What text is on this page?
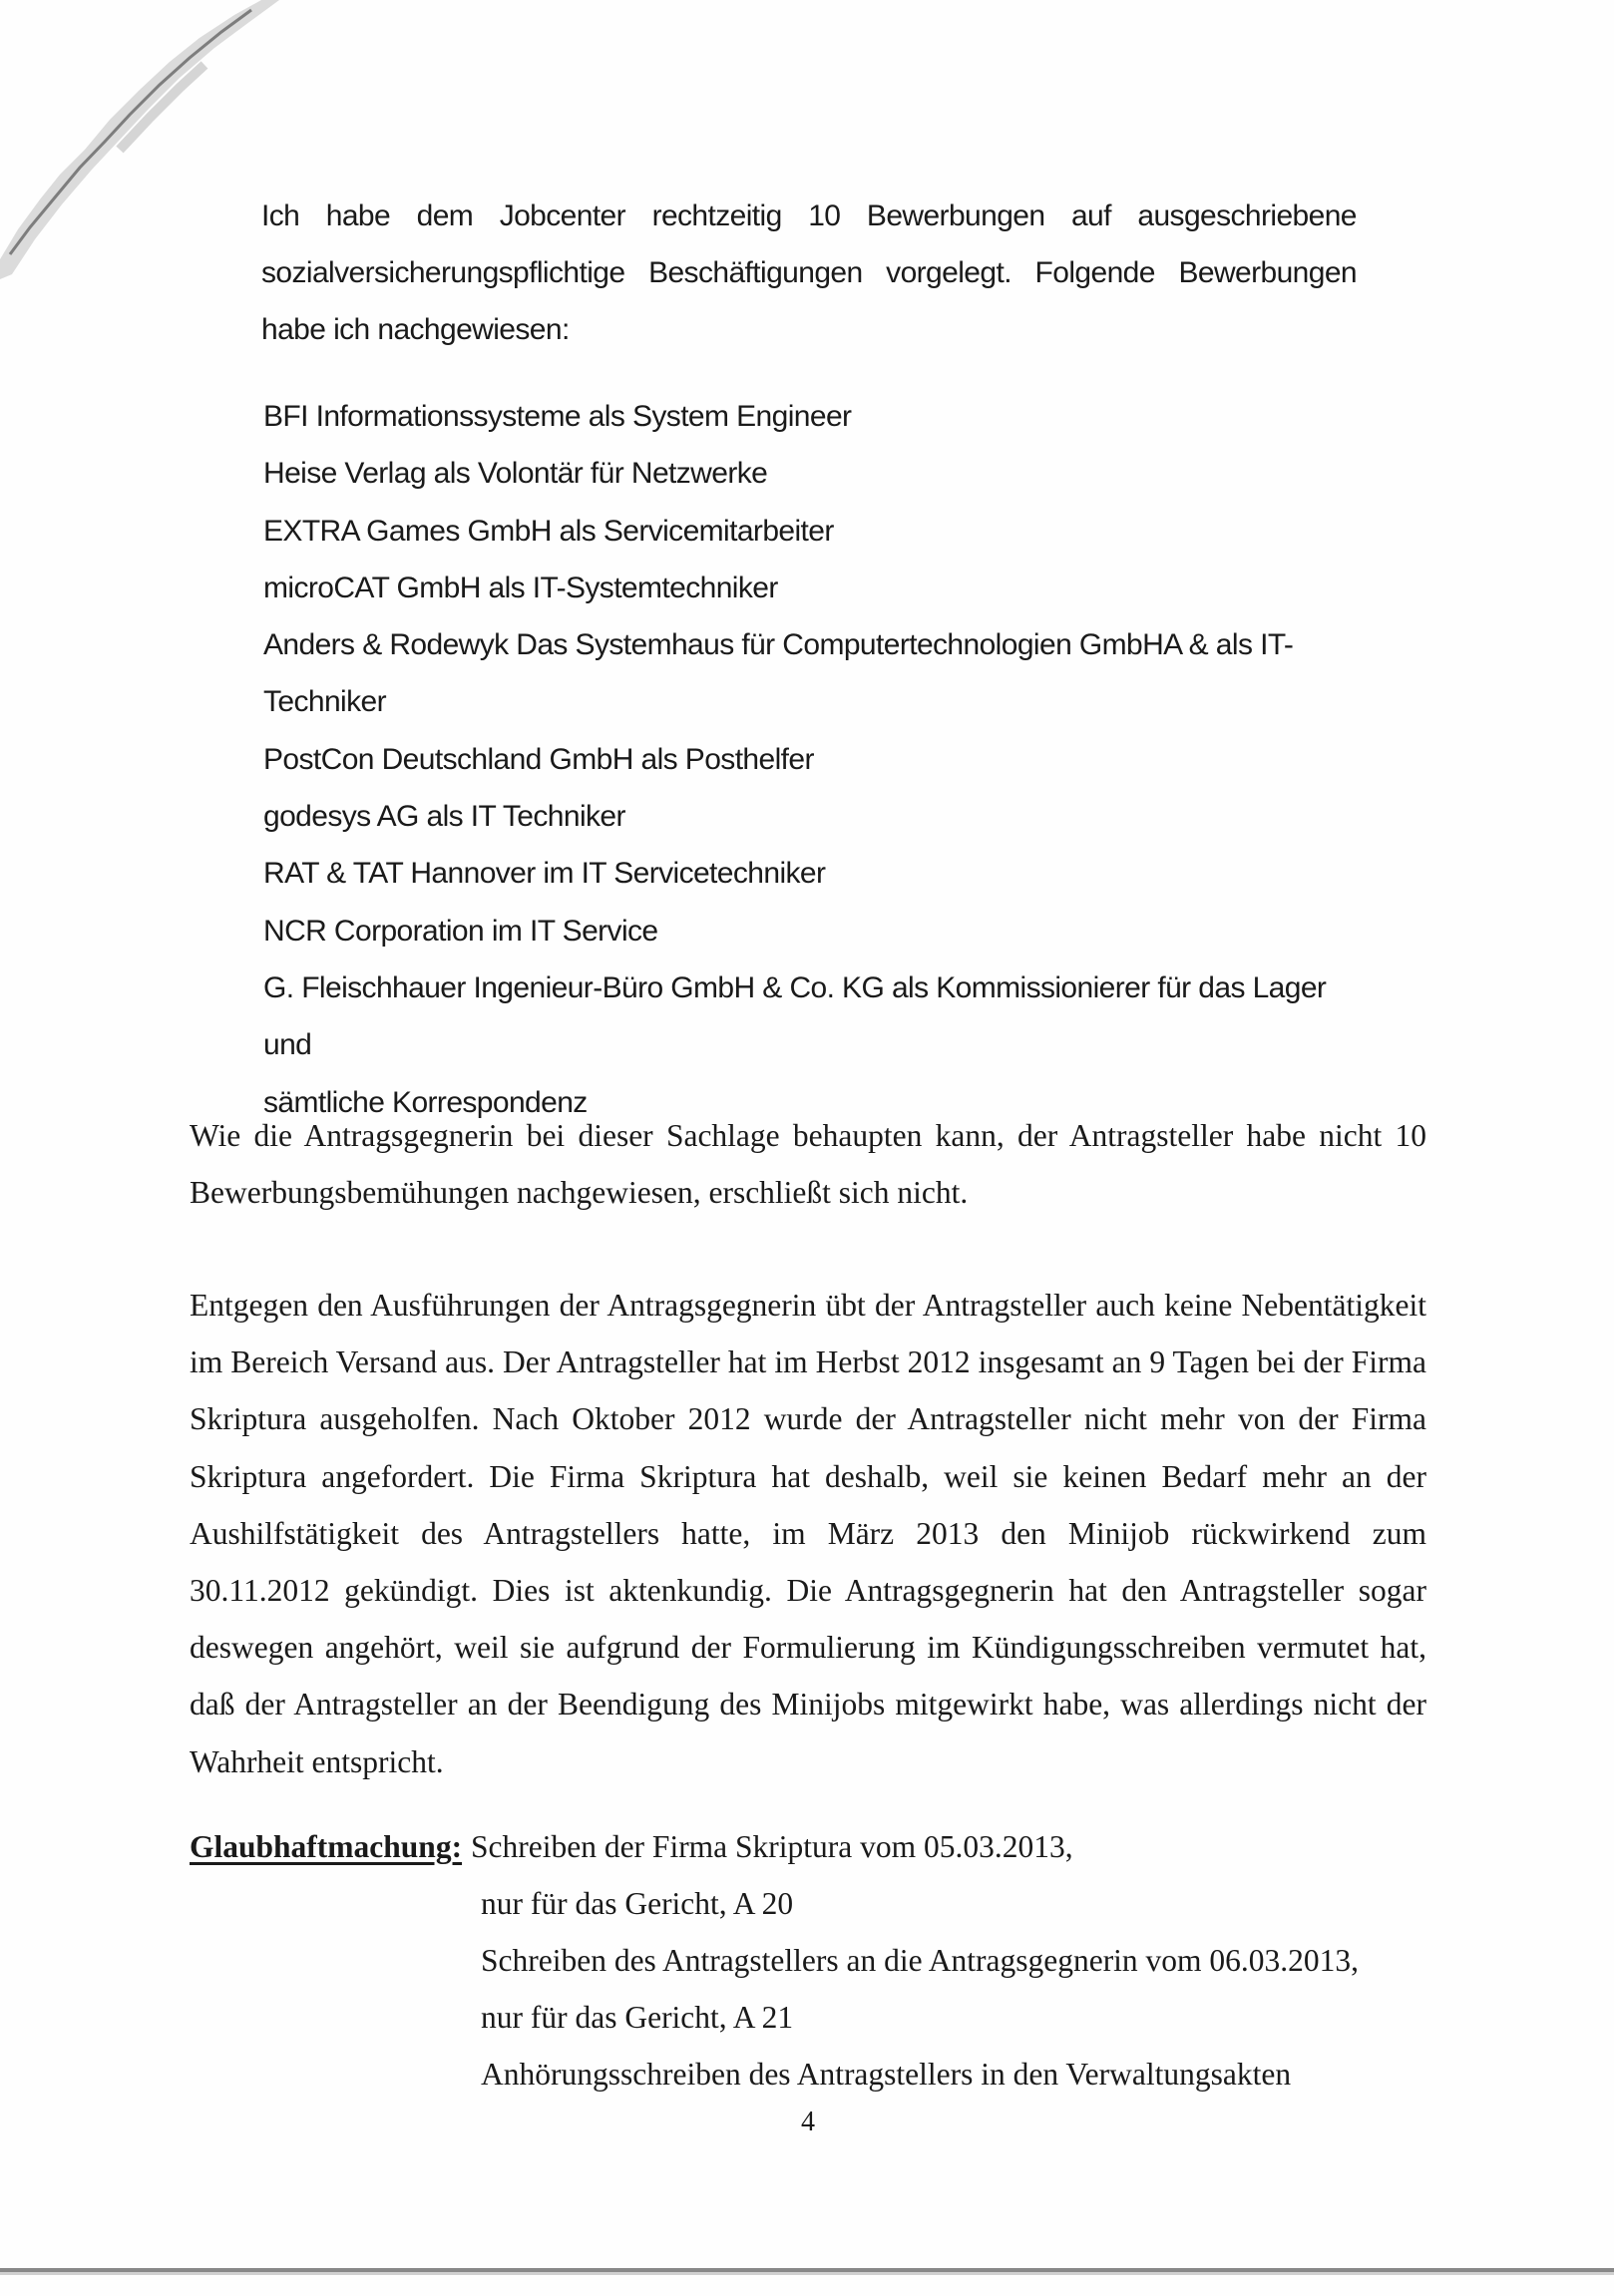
Ich habe dem Jobcenter rechtzeitig 10 Bewerbungen auf ausgeschriebene

sozialversicherungspflichtige Beschäftigungen vorgelegt. Folgende Bewerbungen habe ich nachgewiesen:

BFI Informationssysteme als System Engineer
Heise Verlag als Volontär für Netzwerke
EXTRA Games GmbH als Servicemitarbeiter
microCAT GmbH als IT-Systemtechniker
Anders & Rodewyk Das Systemhaus für Computertechnologien GmbHA & als IT-
Techniker
PostCon Deutschland GmbH als Posthelfer
godesys AG als IT Techniker
RAT & TAT Hannover im IT Servicetechniker
NCR Corporation im IT Service
G. Fleischhauer Ingenieur-Büro GmbH & Co. KG als Kommissionierer für das Lager und
sämtliche Korrespondenz

Wie die Antragsgegnerin bei dieser Sachlage behaupten kann, der Antragsteller habe nicht 10 Bewerbungsbemühungen nachgewiesen, erschließt sich nicht.

Entgegen den Ausführungen der Antragsgegnerin übt der Antragsteller auch keine Nebentätigkeit im Bereich Versand aus. Der Antragsteller hat im Herbst 2012 insgesamt an 9 Tagen bei der Firma Skriptura ausgeholfen. Nach Oktober 2012 wurde der Antragsteller nicht mehr von der Firma Skriptura angefordert. Die Firma Skriptura hat deshalb, weil sie keinen Bedarf mehr an der Aushilfstätigkeit des Antragstellers hatte, im März 2013 den Minijob rückwirkend zum 30.11.2012 gekündigt. Dies ist aktenkundig. Die Antragsgegnerin hat den Antragsteller sogar deswegen angehört, weil sie aufgrund der Formulierung im Kündigungsschreiben vermutet hat, daß der Antragsteller an der Beendigung des Minijobs mitgewirkt habe, was allerdings nicht der Wahrheit entspricht.

Glaubhaftmachung: Schreiben der Firma Skriptura vom 05.03.2013,
nur für das Gericht, A 20
Schreiben des Antragstellers an die Antragsgegnerin vom 06.03.2013,
nur für das Gericht, A 21
Anhörungsschreiben des Antragstellers in den Verwaltungsakten
4
